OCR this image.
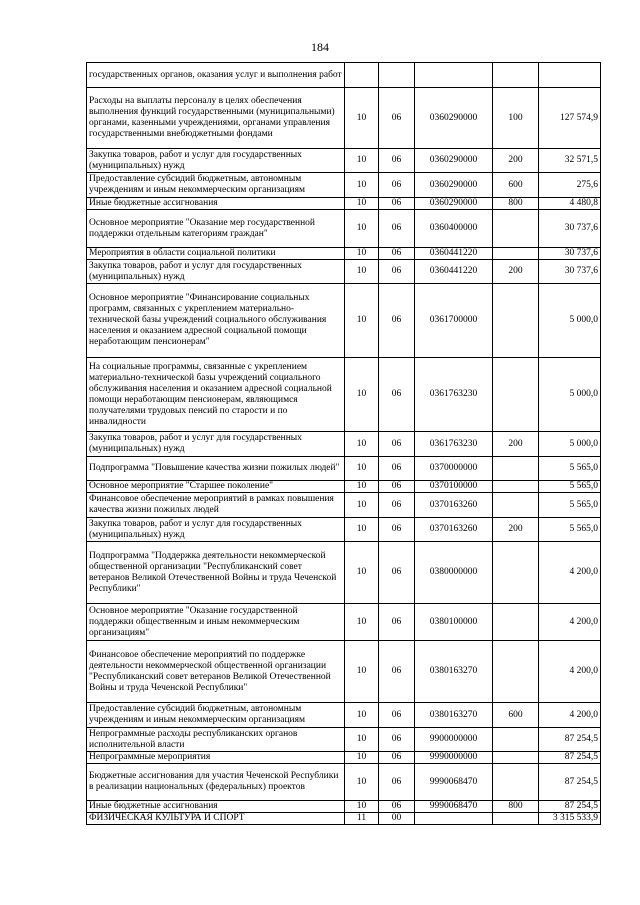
184
государственных органов, оказания услуг и выполнения работ					
Расходы на выплаты персоналу в целях обеспечения выполнения функций государственными (муниципальными) органами, казенными учреждениями, органами управления государственными внебюджетными фондами	10	06	0360290000	100	127 574,9
Закупка товаров, работ и услуг для государственных (муниципальных) нужд	10	06	0360290000	200	32 571,5
Предоставление субсидий бюджетным, автономным учреждениям и иным некоммерческим организациям	10	06	0360290000	600	275,6
Иные бюджетные ассигнования	10	06	0360290000	800	4 480,8
Основное мероприятие "Оказание мер государственной поддержки отдельным категориям граждан"	10	06	0360400000		30 737,6
Мероприятия в области социальной политики	10	06	0360441220		30 737,6
Закупка товаров, работ и услуг для государственных (муниципальных) нужд	10	06	0360441220	200	30 737,6
Основное мероприятие "Финансирование социальных программ, связанных с укреплением материально-технической базы учреждений социального обслуживания населения и оказанием адресной социальной помощи неработающим пенсионерам"	10	06	0361700000		5 000,0
На социальные программы, связанные с укреплением материально-технической базы учреждений социального обслуживания населения и оказанием адресной социальной помощи неработающим пенсионерам, являющимся получателями трудовых пенсий по старости и по инвалидности	10	06	0361763230		5 000,0
Закупка товаров, работ и услуг для государственных (муниципальных) нужд	10	06	0361763230	200	5 000,0
Подпрограмма "Повышение качества жизни пожилых людей"	10	06	0370000000		5 565,0
Основное мероприятие "Старшее поколение"	10	06	0370100000		5 565,0
Финансовое обеспечение мероприятий в рамках повышения качества жизни пожилых людей	10	06	0370163260		5 565,0
Закупка товаров, работ и услуг для государственных (муниципальных) нужд	10	06	0370163260	200	5 565,0
Подпрограмма "Поддержка деятельности некоммерческой общественной организации "Республиканский совет ветеранов Великой Отечественной Войны и труда Чеченской Республики"	10	06	0380000000		4 200,0
Основное мероприятие "Оказание государственной поддержки общественным и иным некоммерческим организациям"	10	06	0380100000		4 200,0
Финансовое обеспечение мероприятий по поддержке деятельности некоммерческой общественной организации "Республиканский совет ветеранов Великой Отечественной Войны и труда Чеченской Республики"	10	06	0380163270		4 200,0
Предоставление субсидий бюджетным, автономным учреждениям и иным некоммерческим организациям	10	06	0380163270	600	4 200,0
Непрограммные расходы республиканских органов исполнительной власти	10	06	9900000000		87 254,5
Непрограммные мероприятия	10	06	9990000000		87 254,5
Бюджетные ассигнования для участия Чеченской Республики в реализации национальных (федеральных) проектов	10	06	9990068470		87 254,5
Иные бюджетные ассигнования	10	06	9990068470	800	87 254,5
ФИЗИЧЕСКАЯ КУЛЬТУРА И СПОРТ	11	00			3 315 533,9
